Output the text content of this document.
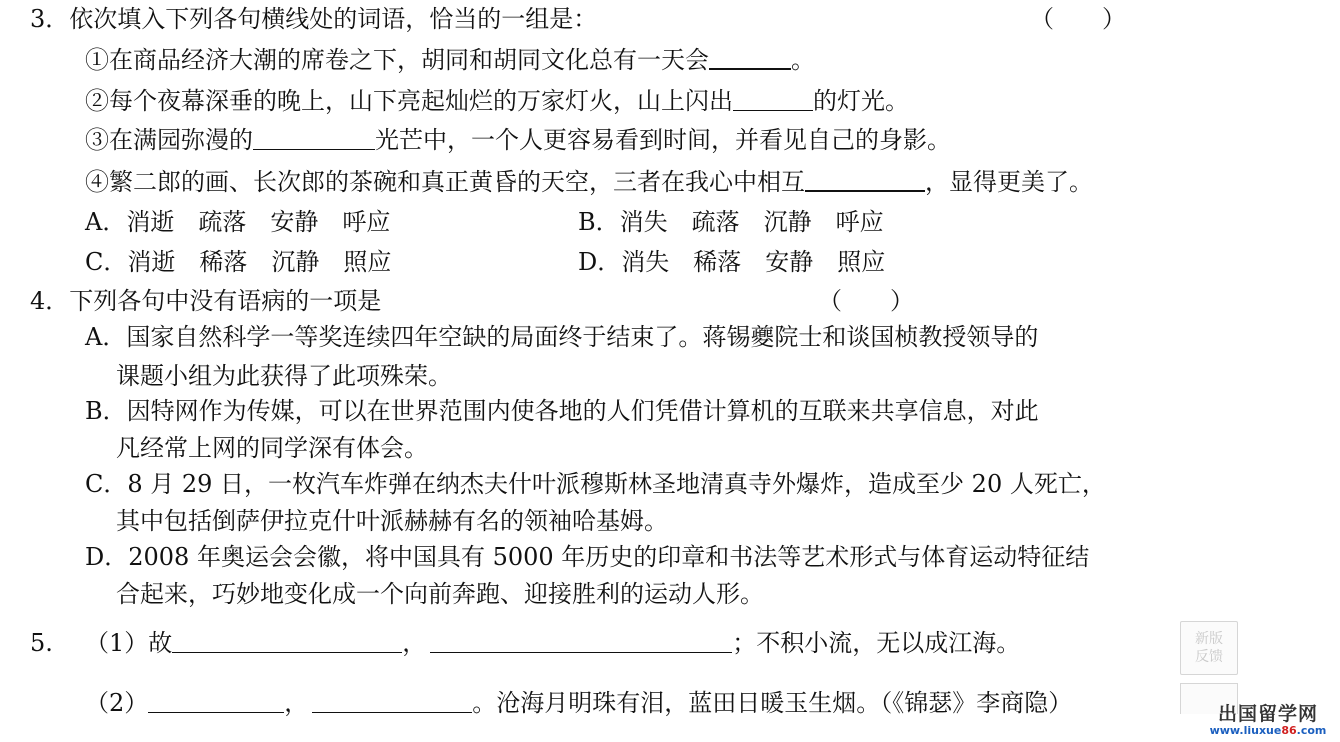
3．依次填入下列各句横线处的词语，恰当的一组是：	（　　）
①在商品经济大潮的席卷之下，胡同和胡同文化总有一天会	。
②每个夜幕深垂的晚上，山下亮起灿烂的万家灯火，山上闪出	的灯光。
③在满园弥漫的	光芒中，一个人更容易看到时间，并看见自己的身影。
④繁二郎的画、长次郎的茶碗和真正黄昏的天空，三者在我心中相互	，显得更美了。
A．消逝　疏落　安静　呼应	B．消失　疏落　沉静　呼应
C．消逝　稀落　沉静　照应	D．消失　稀落　安静　照应
4．下列各句中没有语病的一项是	（　　）
A．国家自然科学一等奖连续四年空缺的局面终于结束了。蒋锡夔院士和谈国桢教授领导的
课题小组为此获得了此项殊荣。
B．因特网作为传媒，可以在世界范围内使各地的人们凭借计算机的互联来共享信息，对此
凡经常上网的同学深有体会。
C．8 月 29 日，一枚汽车炸弹在纳杰夫什叶派穆斯林圣地清真寺外爆炸，造成至少 20 人死亡，
其中包括倒萨伊拉克什叶派赫赫有名的领袖哈基姆。
D．2008 年奥运会会徽，将中国具有 5000 年历史的印章和书法等艺术形式与体育运动特征结
合起来，巧妙地变化成一个向前奔跑、迎接胜利的运动人形。
5. （1）故	，	；不积小流，无以成江海。
（2）	，	。沧海月明珠有泪，蓝田日暖玉生烟。（《锦瑟》李商隐）
新版
反馈
出国留学网
www.liuxue86.com
